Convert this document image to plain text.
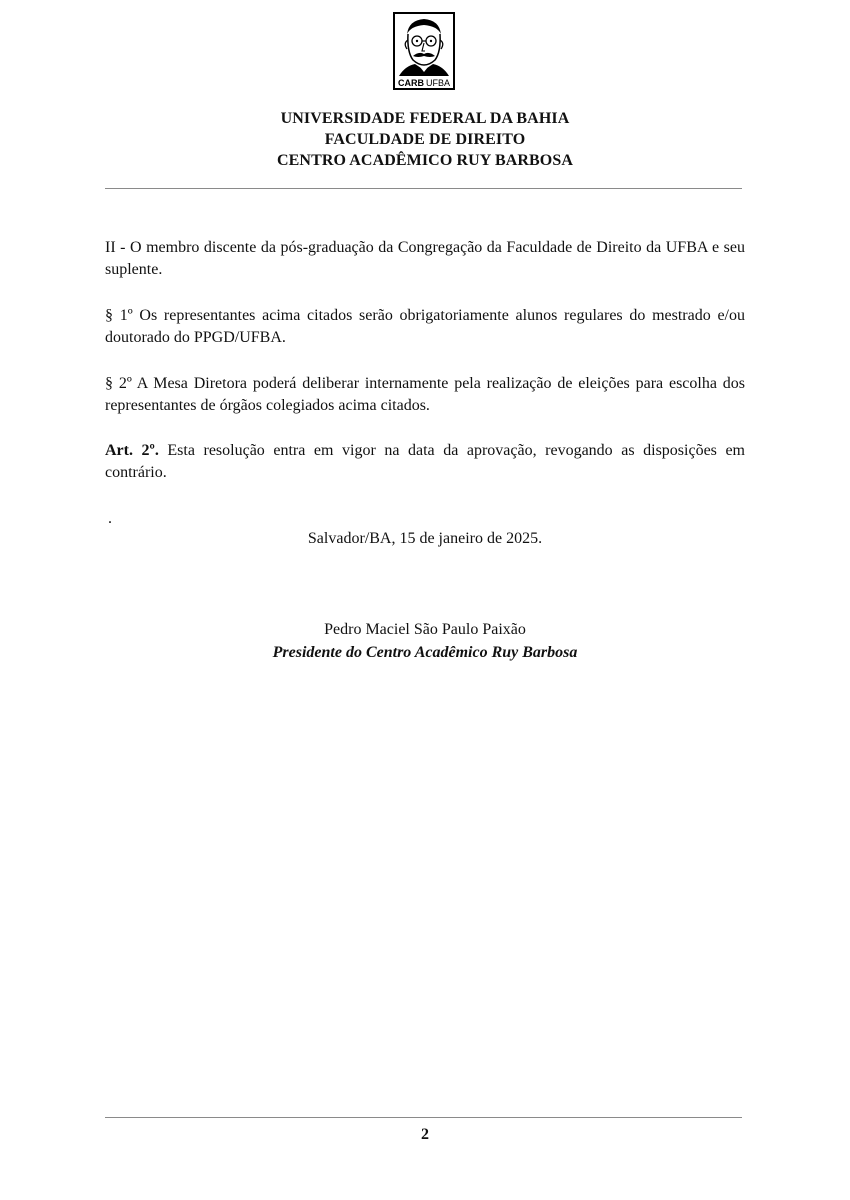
CARB UFBA
UNIVERSIDADE FEDERAL DA BAHIA
FACULDADE DE DIREITO
CENTRO ACADÊMICO RUY BARBOSA

II - O membro discente da pós-graduação da Congregação da Faculdade de Direito da UFBA e seu suplente.

§ 1º Os representantes acima citados serão obrigatoriamente alunos regulares do mestrado e/ou doutorado do PPGD/UFBA.

§ 2º A Mesa Diretora poderá deliberar internamente pela realização de eleições para escolha dos representantes de órgãos colegiados acima citados.

Art. 2º. Esta resolução entra em vigor na data da aprovação, revogando as disposições em contrário.

.
Salvador/BA, 15 de janeiro de 2025.
Pedro Maciel São Paulo Paixão
Presidente do Centro Acadêmico Ruy Barbosa
2
